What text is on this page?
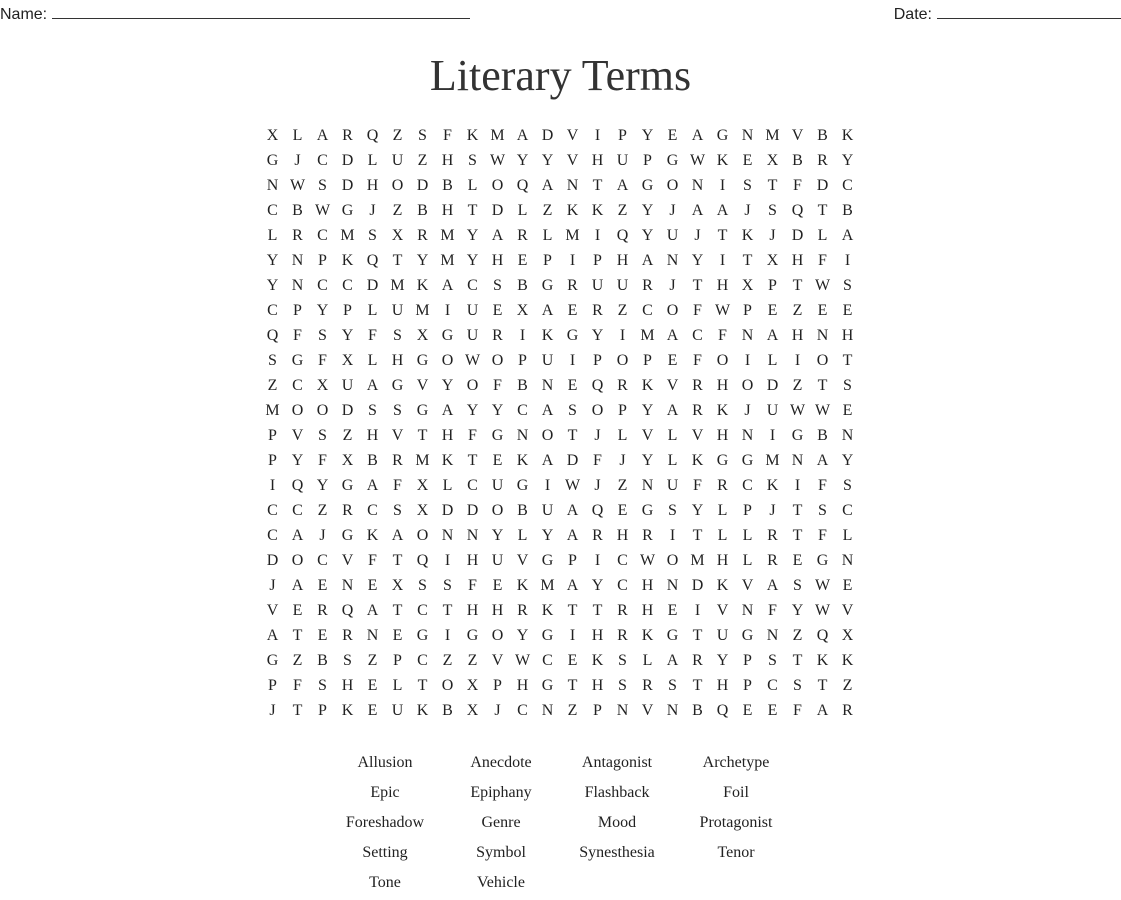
Name:	Date:
Literary Terms
X L A R Q Z S	F K M A D V	I	P Y E A G N M V B K
G	J	C D L U Z H S W Y Y V H U P G W K E X B R Y
N W S D H O D B L O Q A N T A G O N	I	S T F D C
C B W G	J	Z B H T D L Z K K Z Y	J	A A	J	S Q T B
L R C M S X R M Y A R L M I	Q Y U	J	T K	J	D L A
Y N P K Q T Y M Y H E P	I	P H A N Y	I	T X H F	I
Y N C C D M K A C S B G R U U R	J	T H X P T W S
C P Y P L U M I	U E X A E R Z C O F W P E Z E E
Q F	S Y F	S X G U R	I	K G Y	I M A C F N A H N H
S G F X L H G O W O P U	I	P O P E F O	I	L	I	O T
Z C X U A G V Y O F B N E Q R K V R H O D Z T S
M O O D S	S G A Y Y C A S O P Y A R K	J	U W W E
P V S Z H V T H F G N O T	J	L V L V H N	I	G B N
P Y F X B R M K T E K A D F	J	Y L K G G M N A Y
I	Q Y G A F X L C U G	I W J	Z N U F R C K	I	F	S
C C Z R C S X D D O B U A Q E G S Y L P	J	T S C
C A	J	G K A O N N Y L Y A R H R	I	T L L R T F L
D O C V F T Q	I	H U V G P	I	C W O M H L R E G N
J	A E N E X S	S	F E K M A Y C H N D K V A S W E
V E R Q A T C T H H R K T T R H E	I	V N F Y W V
A T E R N E G	I	G O Y G	I	H R K G T U G N Z Q X
G Z B S Z P C Z Z V W C E K S L A R Y P	S T K K
P	F	S H E L T O X P H G T H S R S T H P C S T Z
J	T P K E U K B X	J	C N Z P N V N B Q E E F A R
Allusion	Anecdote	Antagonist	Archetype
Epic	Epiphany	Flashback	Foil
Foreshadow	Genre	Mood	Protagonist
Setting	Symbol	Synesthesia	Tenor
Tone	Vehicle
